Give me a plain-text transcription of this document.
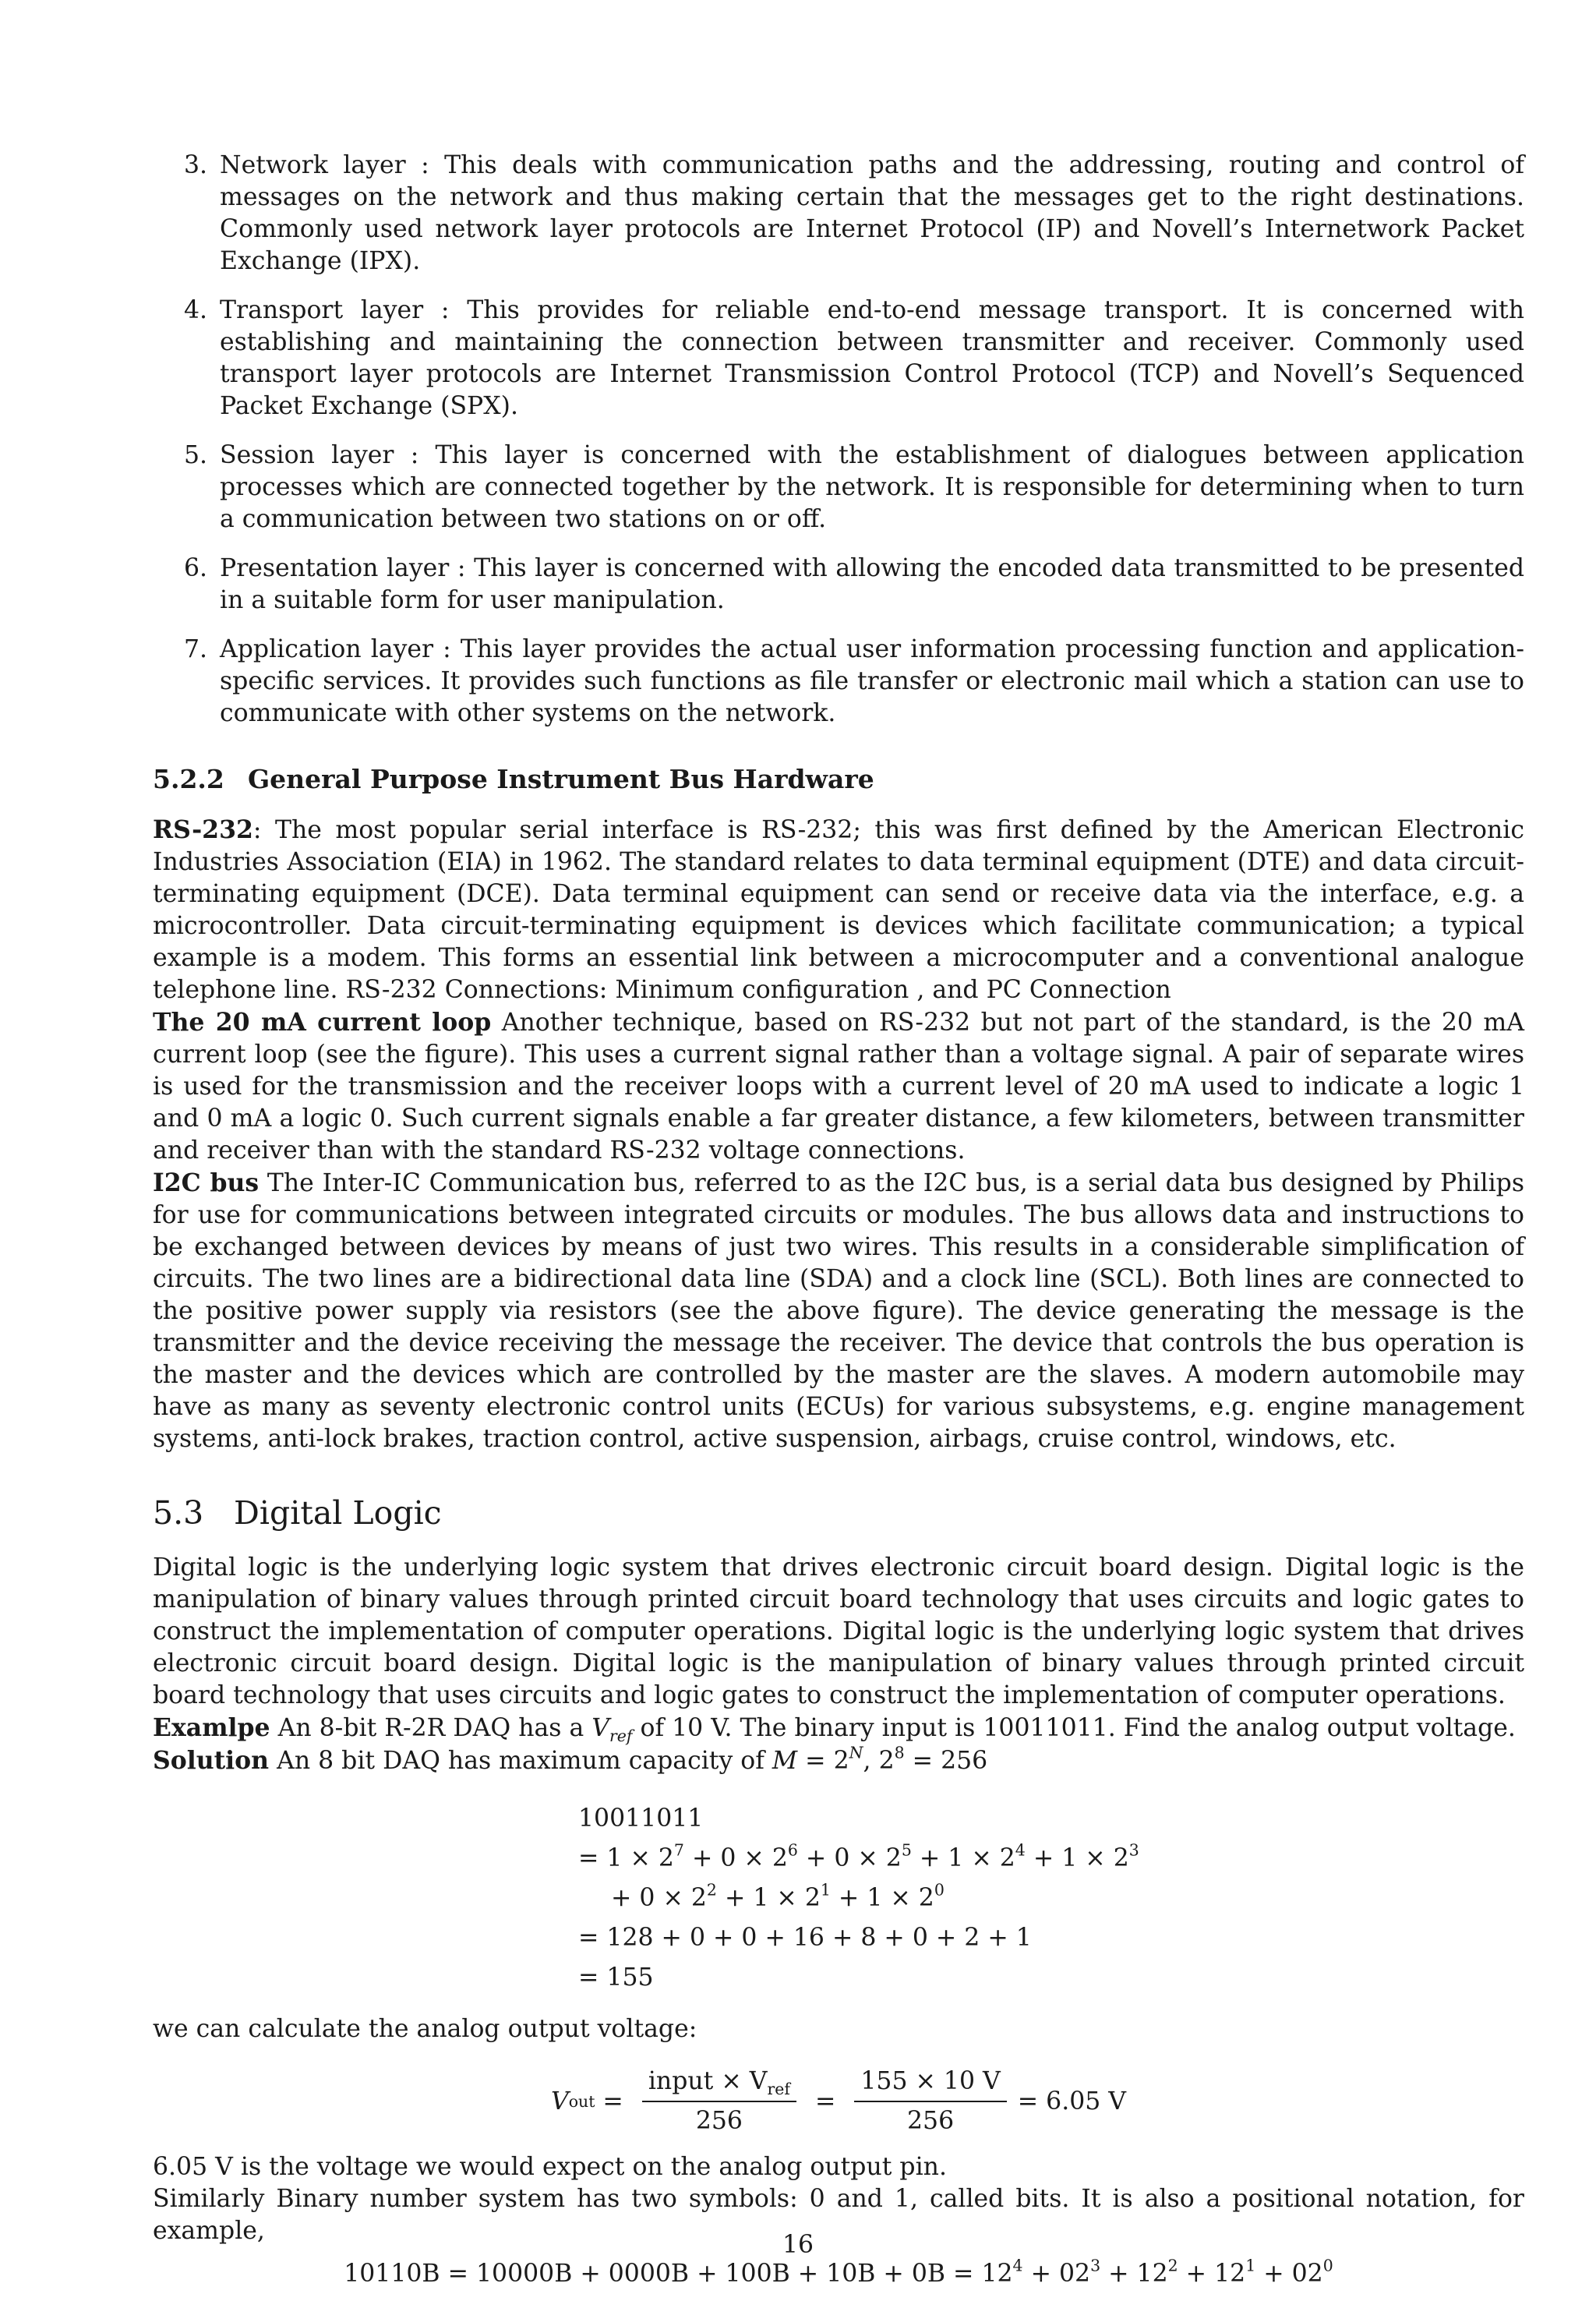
3. Network layer : This deals with communication paths and the addressing, routing and control of messages on the network and thus making certain that the messages get to the right destinations. Commonly used network layer protocols are Internet Protocol (IP) and Novell’s Internetwork Packet Exchange (IPX).
4. Transport layer : This provides for reliable end-to-end message transport. It is concerned with establishing and maintaining the connection between transmitter and receiver. Commonly used transport layer protocols are Internet Transmission Control Protocol (TCP) and Novell’s Sequenced Packet Exchange (SPX).
5. Session layer : This layer is concerned with the establishment of dialogues between application processes which are connected together by the network. It is responsible for determining when to turn a communication between two stations on or off.
6. Presentation layer : This layer is concerned with allowing the encoded data transmitted to be presented in a suitable form for user manipulation.
7. Application layer : This layer provides the actual user information processing function and application-specific services. It provides such functions as file transfer or electronic mail which a station can use to communicate with other systems on the network.
5.2.2 General Purpose Instrument Bus Hardware

RS-232: The most popular serial interface is RS-232; this was first defined by the American Electronic Industries Association (EIA) in 1962. The standard relates to data terminal equipment (DTE) and data circuit-terminating equipment (DCE). Data terminal equipment can send or receive data via the interface, e.g. a microcontroller. Data circuit-terminating equipment is devices which facilitate communication; a typical example is a modem. This forms an essential link between a microcomputer and a conventional analogue telephone line. RS-232 Connections: Minimum configuration , and PC Connection
The 20 mA current loop Another technique, based on RS-232 but not part of the standard, is the 20 mA current loop (see the figure). This uses a current signal rather than a voltage signal. A pair of separate wires is used for the transmission and the receiver loops with a current level of 20 mA used to indicate a logic 1 and 0 mA a logic 0. Such current signals enable a far greater distance, a few kilometers, between transmitter and receiver than with the standard RS-232 voltage connections.
I2C bus The Inter-IC Communication bus, referred to as the I2C bus, is a serial data bus designed by Philips for use for communications between integrated circuits or modules. The bus allows data and instructions to be exchanged between devices by means of just two wires. This results in a considerable simplification of circuits. The two lines are a bidirectional data line (SDA) and a clock line (SCL). Both lines are connected to the positive power supply via resistors (see the above figure). The device generating the message is the transmitter and the device receiving the message the receiver. The device that controls the bus operation is the master and the devices which are controlled by the master are the slaves. A modern automobile may have as many as seventy electronic control units (ECUs) for various subsystems, e.g. engine management systems, anti-lock brakes, traction control, active suspension, airbags, cruise control, windows, etc.

5.3 Digital Logic

Digital logic is the underlying logic system that drives electronic circuit board design. Digital logic is the manipulation of binary values through printed circuit board technology that uses circuits and logic gates to construct the implementation of computer operations. Digital logic is the underlying logic system that drives electronic circuit board design. Digital logic is the manipulation of binary values through printed circuit board technology that uses circuits and logic gates to construct the implementation of computer operations.
Examlpe An 8-bit R-2R DAQ has a $V_{ref}$ of 10 V. The binary input is 10011011. Find the analog output voltage.
Solution An 8 bit DAQ has maximum capacity of $M = 2^N$, $2^8 = 256$

10011011
= $1 \times 2^7 + 0 \times 2^6 + 0 \times 2^5 + 1 \times 2^4 + 1 \times 2^3$
+ $0 \times 2^2 + 1 \times 2^1 + 1 \times 2^0$
= 128 + 0 + 0 + 16 + 8 + 0 + 2 + 1
= 155

we can calculate the analog output voltage:

V out = $\frac{input \times V_{ref}}{256} = \frac{155 \times 10 V}{256} = 6.05$ V

6.05 V is the voltage we would expect on the analog output pin.
Similarly Binary number system has two symbols: 0 and 1, called bits. It is also a positional notation, for example,

$10110B = 10000B + 0000B + 100B + 10B + 0B = 12^4 + 02^3 + 12^2 + 12^1 + 02^0$
16
